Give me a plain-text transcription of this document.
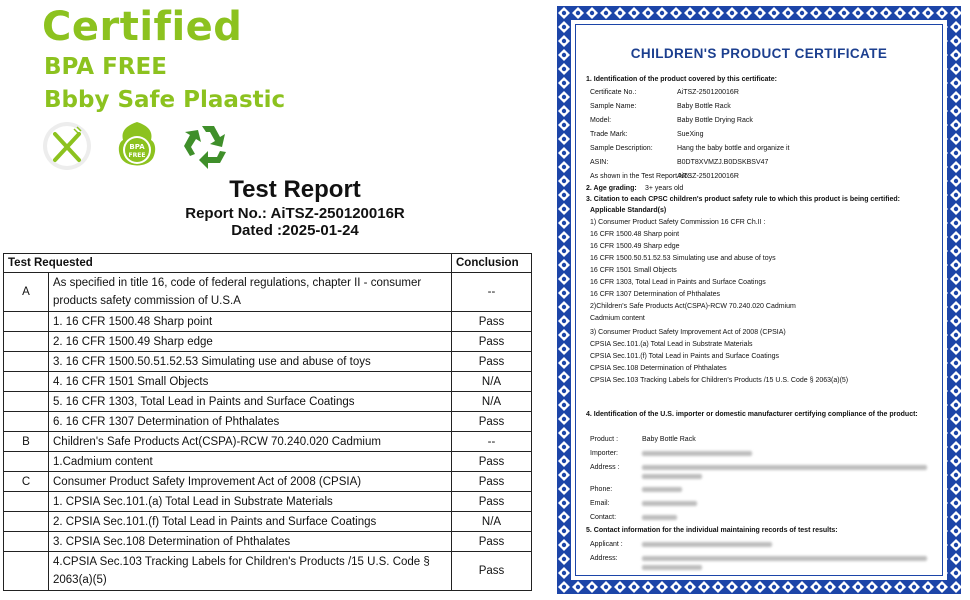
Certified
BPA FREE
Bbby Safe Plaastic
BPA
FREE
Test Report
Report No.: AiTSZ-250120016R
Dated :2025-01-24
Test Requested		Conclusion
A	As specified in title 16, code of federal regulations, chapter II - consumer products safety commission of U.S.A	--
	1. 16 CFR 1500.48 Sharp point	Pass
	2. 16 CFR 1500.49 Sharp edge	Pass
	3. 16 CFR 1500.50.51.52.53 Simulating use and abuse of toys	Pass
	4. 16 CFR 1501 Small Objects	N/A
	5. 16 CFR 1303, Total Lead in Paints and Surface Coatings	N/A
	6. 16 CFR 1307 Determination of Phthalates	Pass
B	Children's Safe Products Act(CSPA)-RCW 70.240.020 Cadmium	--
	1.Cadmium content	Pass
C	Consumer Product Safety Improvement Act of 2008 (CPSIA)	Pass
	1. CPSIA Sec.101.(a) Total Lead in Substrate Materials	Pass
	2. CPSIA Sec.101.(f) Total Lead in Paints and Surface Coatings	N/A
	3. CPSIA Sec.108 Determination of Phthalates	Pass
	4.CPSIA Sec.103 Tracking Labels for Children's Products /15 U.S. Code § 2063(a)(5)	Pass
CHILDREN'S PRODUCT CERTIFICATE
1. Identification of the product covered by this certificate:
Certificate No.:	AiTSZ-250120016R
Sample Name:	Baby Bottle Rack
Model:	Baby Bottle Drying Rack
Trade Mark:	SueXing
Sample Description:	Hang the baby bottle and organize it
ASIN:	B0DT8XVMZJ.B0DSKBSV47
As shown in the Test Report No.:
AiTSZ-250120016R
2. Age grading: 3+ years old
3. Citation to each CPSC children's product safety rule to which this product is being certified:
Applicable Standard(s)
1) Consumer Product Safety Commission 16 CFR Ch.II :
16 CFR 1500.48 Sharp point
16 CFR 1500.49 Sharp edge
16 CFR 1500.50.51.52.53 Simulating use and abuse of toys
16 CFR 1501 Small Objects
16 CFR 1303, Total Lead in Paints and Surface Coatings
16 CFR 1307 Determination of Phthalates
2)Children's Safe Products Act(CSPA)-RCW 70.240.020 Cadmium
Cadmium content
3) Consumer Product Safety Improvement Act of 2008 (CPSIA)
CPSIA Sec.101.(a) Total Lead in Substrate Materials
CPSIA Sec.101.(f) Total Lead in Paints and Surface Coatings
CPSIA Sec.108 Determination of Phthalates
CPSIA Sec.103 Tracking Labels for Children's Products /15 U.S. Code § 2063(a)(5)
4. Identification of the U.S. importer or domestic manufacturer certifying compliance of the product:
Product :	Baby Bottle Rack
Importer:
Address :
Phone:
Email:
Contact:
5. Contact information for the individual maintaining records of test results:
Applicant :
Address:
